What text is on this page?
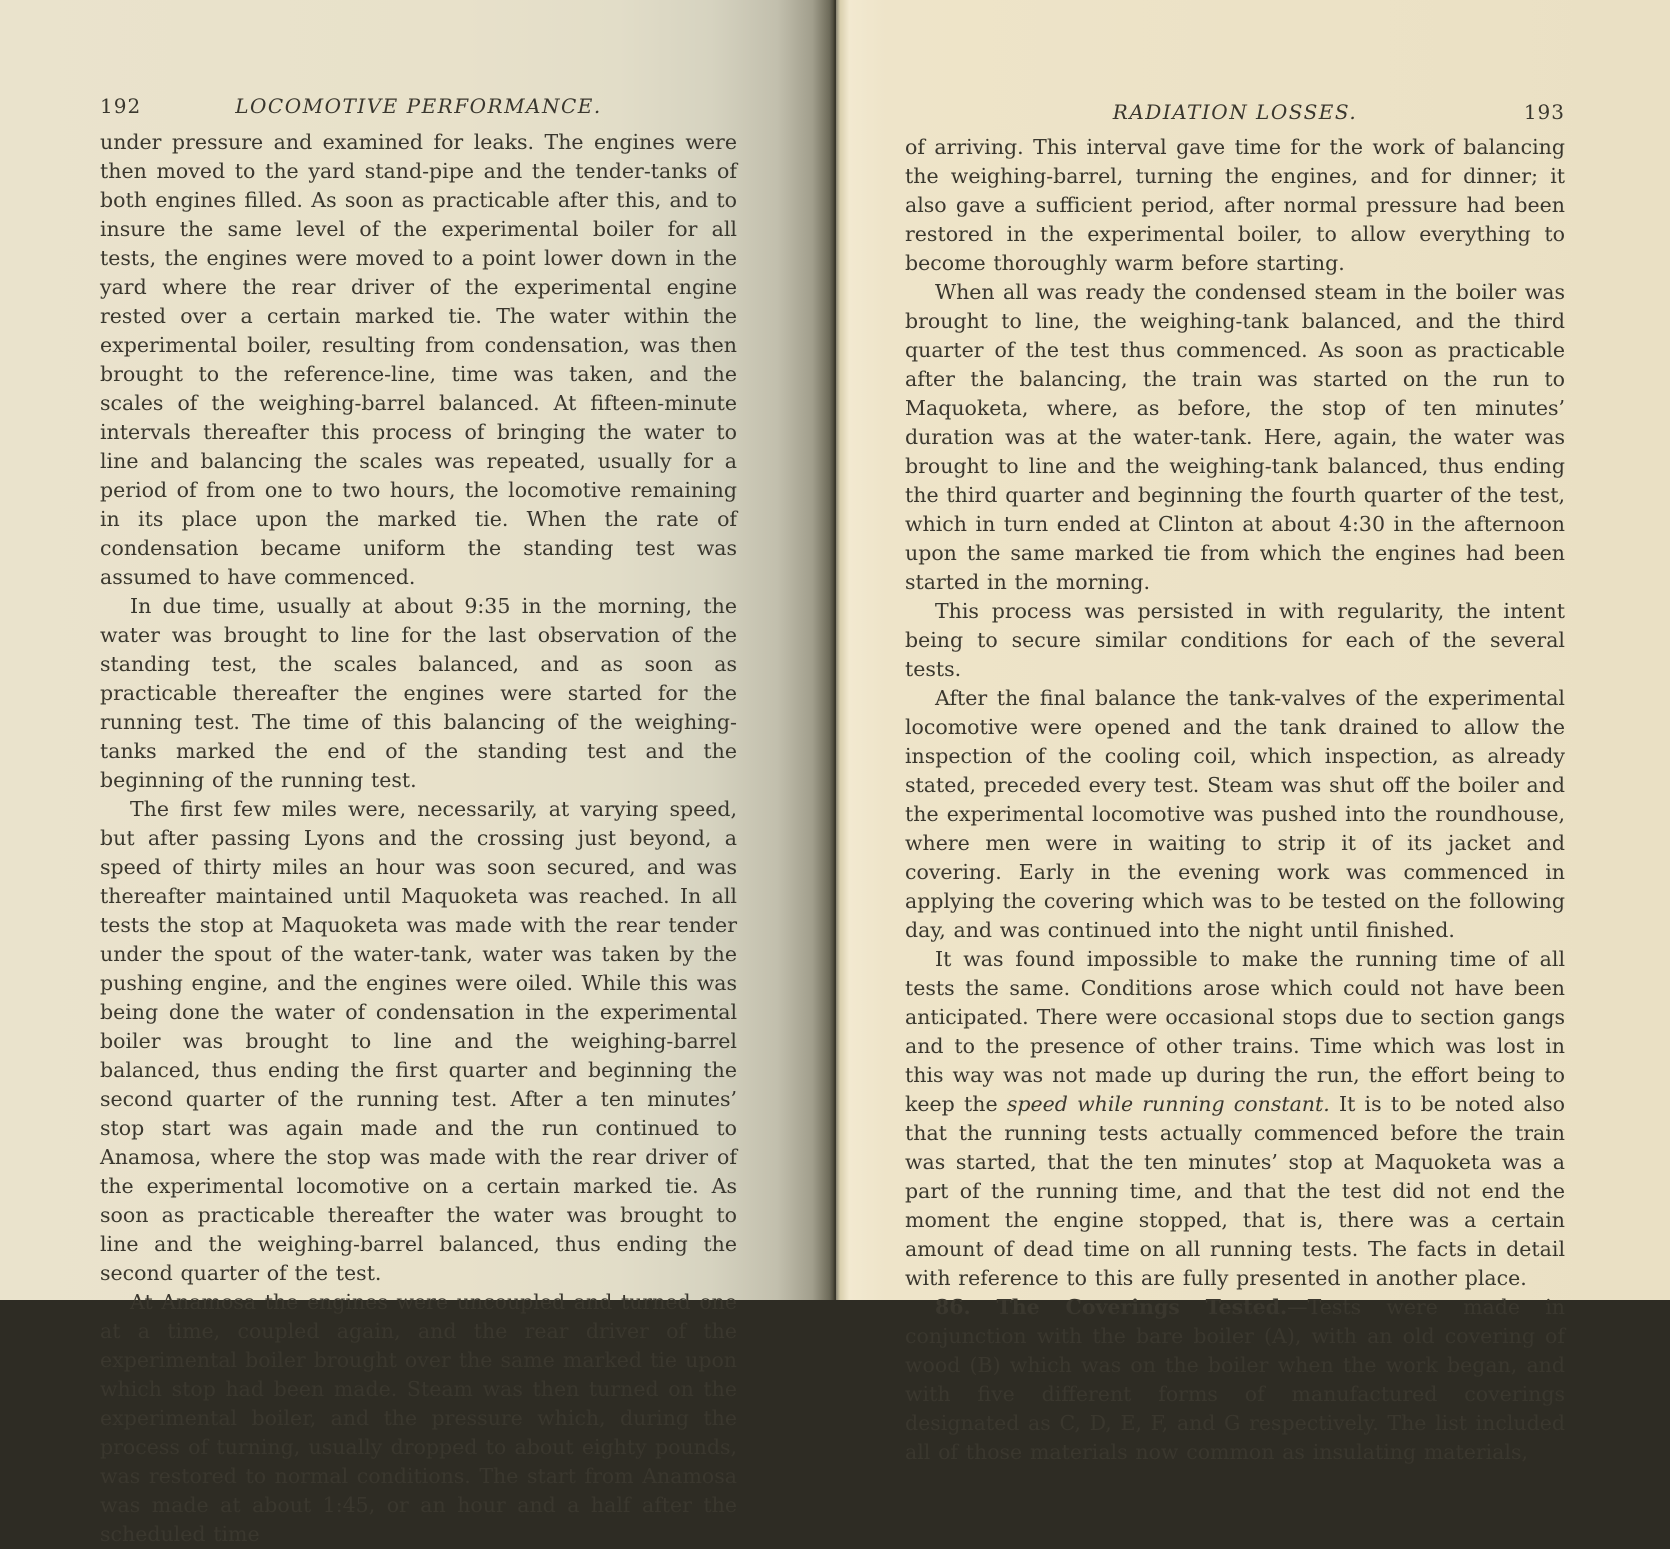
192	LOCOMOTIVE PERFORMANCE.

under pressure and examined for leaks. The engines were then moved to the yard stand-pipe and the tender-tanks of both engines filled. As soon as practicable after this, and to insure the same level of the experimental boiler for all tests, the engines were moved to a point lower down in the yard where the rear driver of the experimental engine rested over a certain marked tie. The water within the experimental boiler, resulting from condensation, was then brought to the reference-line, time was taken, and the scales of the weighing-barrel balanced. At fifteen-minute intervals thereafter this process of bringing the water to line and balancing the scales was repeated, usually for a period of from one to two hours, the locomotive remaining in its place upon the marked tie. When the rate of condensation became uniform the standing test was assumed to have commenced.

In due time, usually at about 9:35 in the morning, the water was brought to line for the last observation of the standing test, the scales balanced, and as soon as practicable thereafter the engines were started for the running test. The time of this balancing of the weighing-tanks marked the end of the standing test and the beginning of the running test.

The first few miles were, necessarily, at varying speed, but after passing Lyons and the crossing just beyond, a speed of thirty miles an hour was soon secured, and was thereafter maintained until Maquoketa was reached. In all tests the stop at Maquoketa was made with the rear tender under the spout of the water-tank, water was taken by the pushing engine, and the engines were oiled. While this was being done the water of condensation in the experimental boiler was brought to line and the weighing-barrel balanced, thus ending the first quarter and beginning the second quarter of the running test. After a ten minutes’ stop start was again made and the run continued to Anamosa, where the stop was made with the rear driver of the experimental locomotive on a certain marked tie. As soon as practicable thereafter the water was brought to line and the weighing-barrel balanced, thus ending the second quarter of the test.

At Anamosa the engines were uncoupled and turned one at a time, coupled again, and the rear driver of the experimental boiler brought over the same marked tie upon which stop had been made. Steam was then turned on the experimental boiler, and the pressure which, during the process of turning, usually dropped to about eighty pounds, was restored to normal conditions. The start from Anamosa was made at about 1:45, or an hour and a half after the scheduled time

RADIATION LOSSES.	193

of arriving. This interval gave time for the work of balancing the weighing-barrel, turning the engines, and for dinner; it also gave a sufficient period, after normal pressure had been restored in the experimental boiler, to allow everything to become thoroughly warm before starting.

When all was ready the condensed steam in the boiler was brought to line, the weighing-tank balanced, and the third quarter of the test thus commenced. As soon as practicable after the balancing, the train was started on the run to Maquoketa, where, as before, the stop of ten minutes’ duration was at the water-tank. Here, again, the water was brought to line and the weighing-tank balanced, thus ending the third quarter and beginning the fourth quarter of the test, which in turn ended at Clinton at about 4:30 in the afternoon upon the same marked tie from which the engines had been started in the morning.

This process was persisted in with regularity, the intent being to secure similar conditions for each of the several tests.

After the final balance the tank-valves of the experimental locomotive were opened and the tank drained to allow the inspection of the cooling coil, which inspection, as already stated, preceded every test. Steam was shut off the boiler and the experimental locomotive was pushed into the roundhouse, where men were in waiting to strip it of its jacket and covering. Early in the evening work was commenced in applying the covering which was to be tested on the following day, and was continued into the night until finished.

It was found impossible to make the running time of all tests the same. Conditions arose which could not have been anticipated. There were occasional stops due to section gangs and to the presence of other trains. Time which was lost in this way was not made up during the run, the effort being to keep the speed while running constant. It is to be noted also that the running tests actually commenced before the train was started, that the ten minutes’ stop at Maquoketa was a part of the running time, and that the test did not end the moment the engine stopped, that is, there was a certain amount of dead time on all running tests. The facts in detail with reference to this are fully presented in another place.

86. The Coverings Tested.—Tests were made in conjunction with the bare boiler (A), with an old covering of wood (B) which was on the boiler when the work began, and with five different forms of manufactured coverings designated as C, D, E, F, and G respectively. The list included all of those materials now common as insulating materials,
